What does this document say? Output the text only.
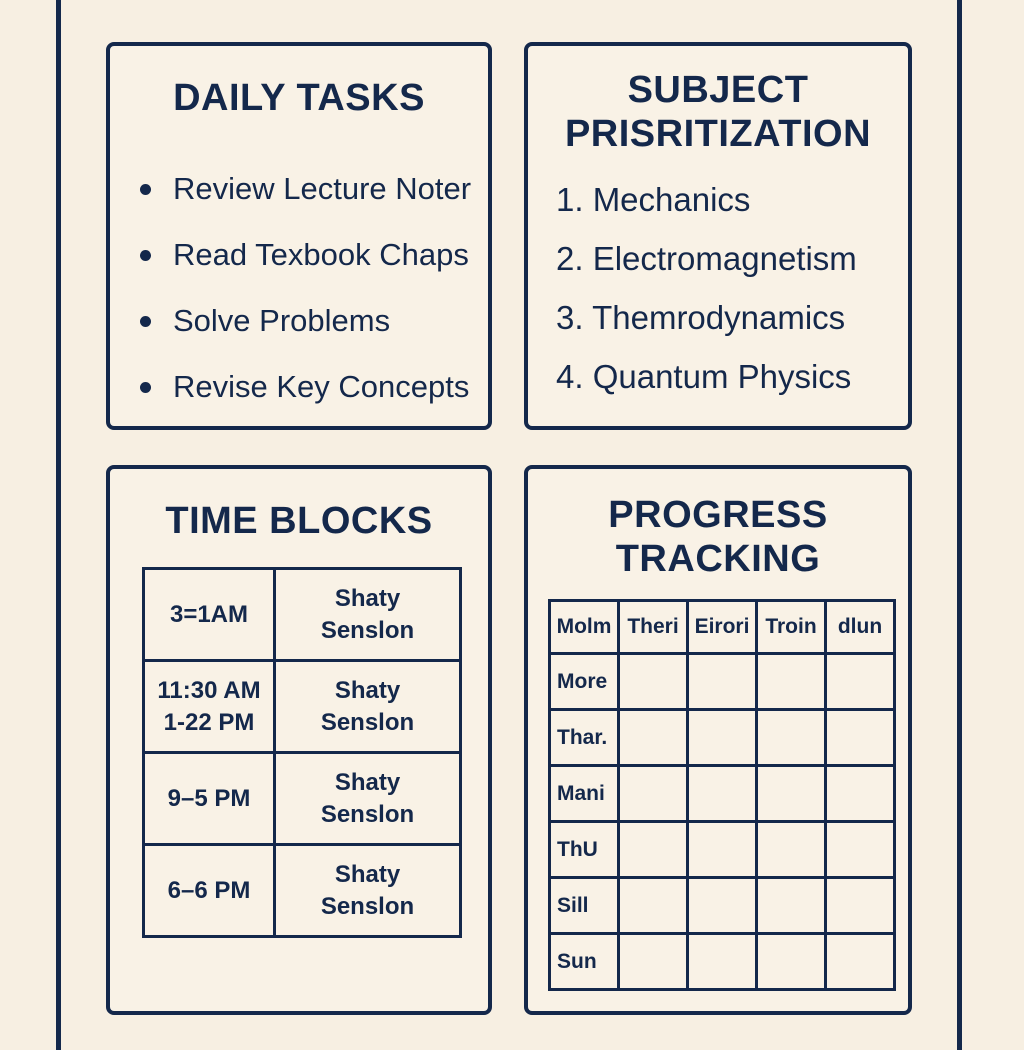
DAILY TASKS
Review Lecture Noter
Read Texbook Chaps
Solve Problems
Revise Key Concepts
SUBJECT
PRISRITIZATION
1. Mechanics
2. Electromagnetism
3. Themrodynamics
4. Quantum Physics
TIME BLOCKS
3=1AM	Shaty
Senslon
11:30 AM
1-22 PM	Shaty
Senslon
9–5 PM	Shaty
Senslon
6–6 PM	Shaty
Senslon
PROGRESS
TRACKING
Molm	Theri	Eirori	Troin	dlun
More				
Thar.				
Mani				
ThU				
Sill				
Sun				
